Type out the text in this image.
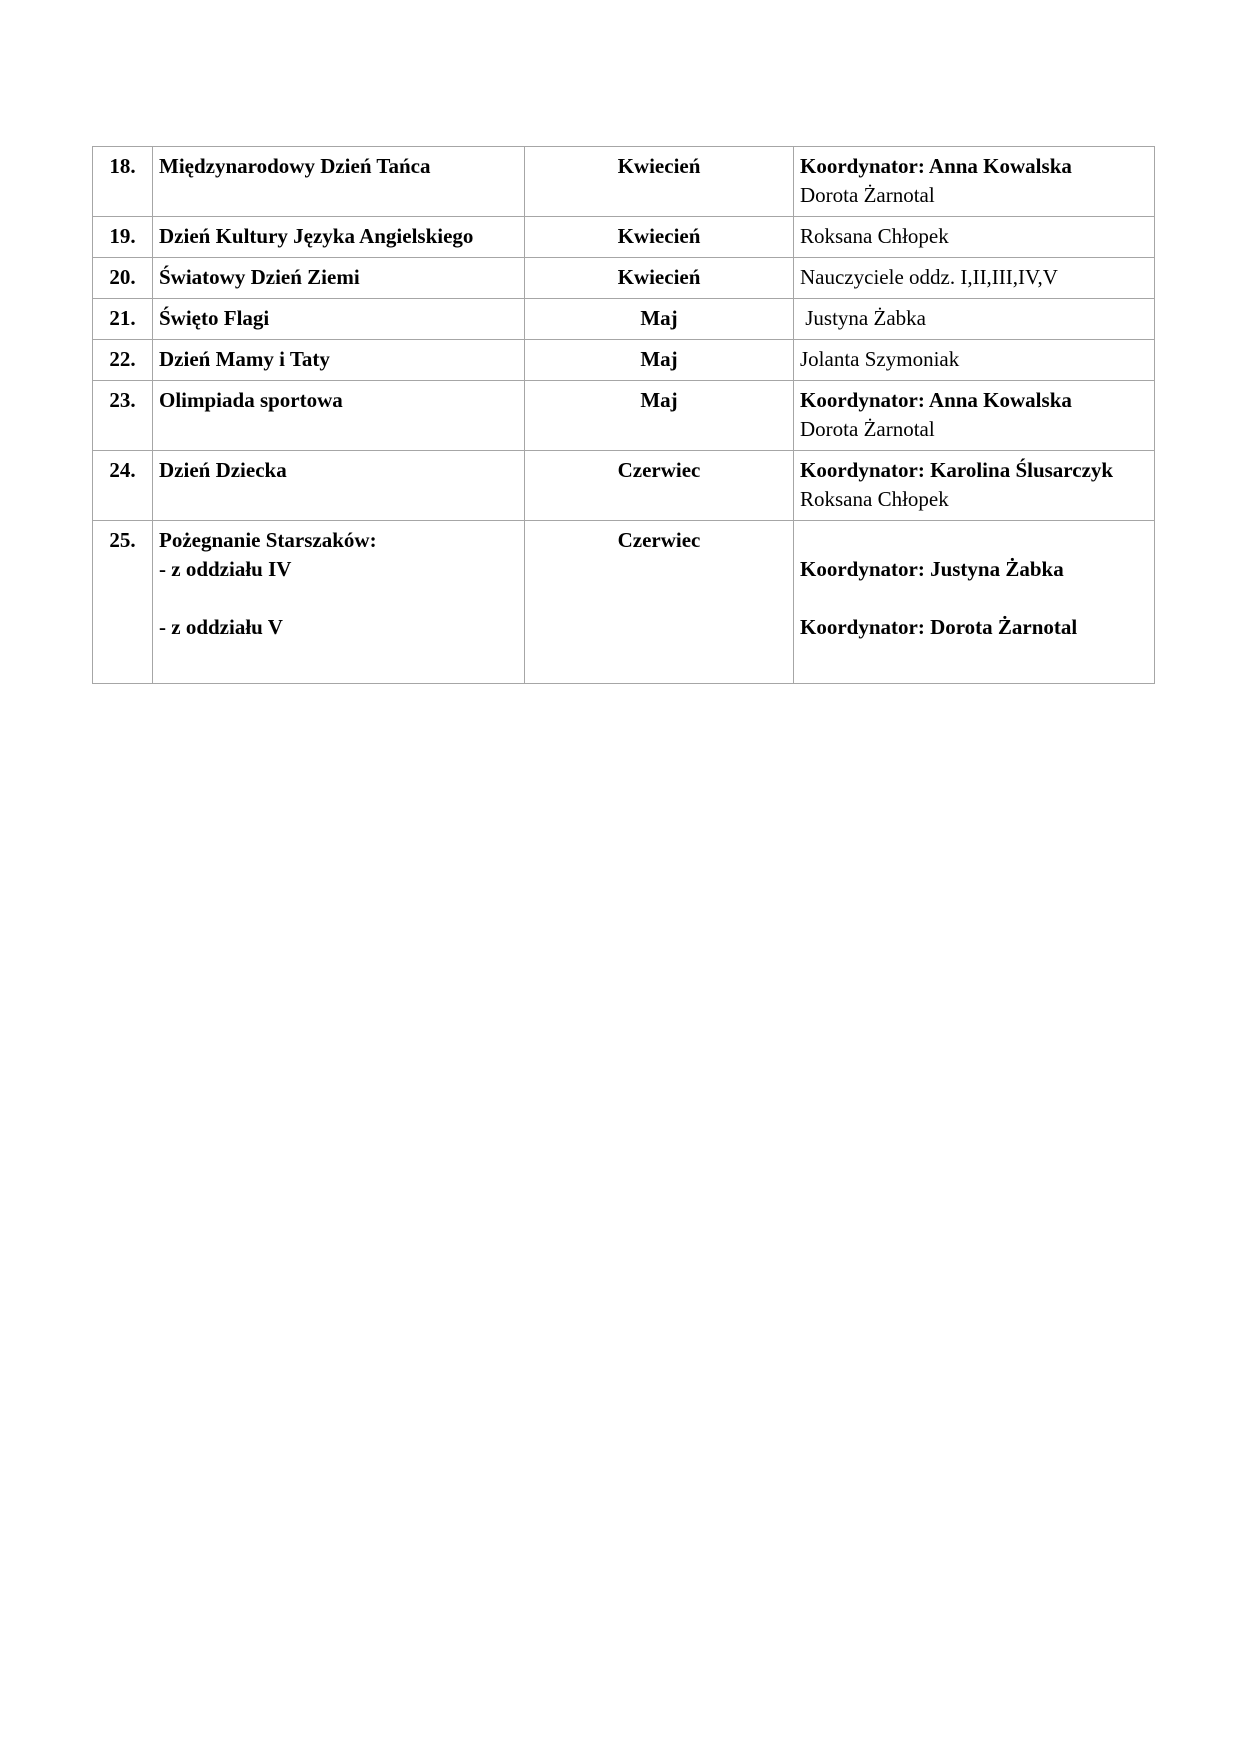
18.	Międzynarodowy Dzień Tańca	Kwiecień	Koordynator: Anna Kowalska
Dorota Żarnotal

19.	Dzień Kultury Języka Angielskiego	Kwiecień	Roksana Chłopek

20.	Światowy Dzień Ziemi	Kwiecień	Nauczyciele oddz. I,II,III,IV,V

21.	Święto Flagi	Maj	Justyna Żabka

22.	Dzień Mamy i Taty	Maj	Jolanta Szymoniak

23.	Olimpiada sportowa	Maj	Koordynator: Anna Kowalska
Dorota Żarnotal

24.	Dzień Dziecka	Czerwiec	Koordynator: Karolina Ślusarczyk
Roksana Chłopek

25.	Pożegnanie Starszaków:
- z oddziału IV
- z oddziału V	Czerwiec	Koordynator: Justyna Żabka
Koordynator: Dorota Żarnotal
